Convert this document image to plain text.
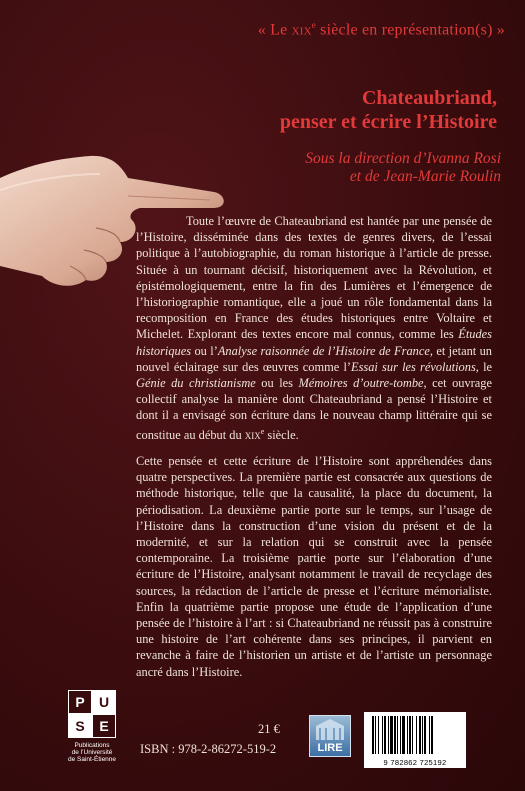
« Le xix$^e$ siècle en représentation(s) »
Chateaubriand,
penser et écrire l’Histoire
Sous la direction d’Ivanna Rosi
et de Jean-Marie Roulin

Toute l’œuvre de Chateaubriand est hantée par une pensée de l’Histoire, disséminée dans des textes de genres divers, de l’essai politique à l’autobiographie, du roman historique à l’article de presse. Située à un tournant décisif, historiquement avec la Révolution, et épistémologiquement, entre la fin des Lumières et l’émergence de l’historiographie romantique, elle a joué un rôle fondamental dans la recomposition en France des études historiques entre Voltaire et Michelet. Explorant des textes encore mal connus, comme les Études historiques ou l’Analyse raisonnée de l’Histoire de France, et jetant un nouvel éclairage sur des œuvres comme l’Essai sur les révolutions, le Génie du christianisme ou les Mémoires d’outre-tombe, cet ouvrage collectif analyse la manière dont Chateaubriand a pensé l’Histoire et dont il a envisagé son écriture dans le nouveau champ littéraire qui se constitue au début du xix$^e$ siècle.

Cette pensée et cette écriture de l’Histoire sont appréhendées dans quatre perspectives. La première partie est consacrée aux questions de méthode historique, telle que la causalité, la place du document, la périodisation. La deuxième partie porte sur le temps, sur l’usage de l’Histoire dans la construction d’une vision du présent et de la modernité, et sur la relation qui se construit avec la pensée contemporaine. La troisième partie porte sur l’élaboration d’une écriture de l’Histoire, analysant notamment le travail de recyclage des sources, la rédaction de l’article de presse et l’écriture mémorialiste. Enfin la quatrième partie propose une étude de l’application d’une pensée de l’histoire à l’art : si Chateaubriand ne réussit pas à construire une histoire de l’art cohérente dans ses principes, il parvient en revanche à faire de l’historien un artiste et de l’artiste un personnage ancré dans l’Histoire.

P	U
S	E
Publications
de l’Université
de Saint-Étienne
21 €
ISBN : 978-2-86272-519-2	LIRE
9 782862 725192
